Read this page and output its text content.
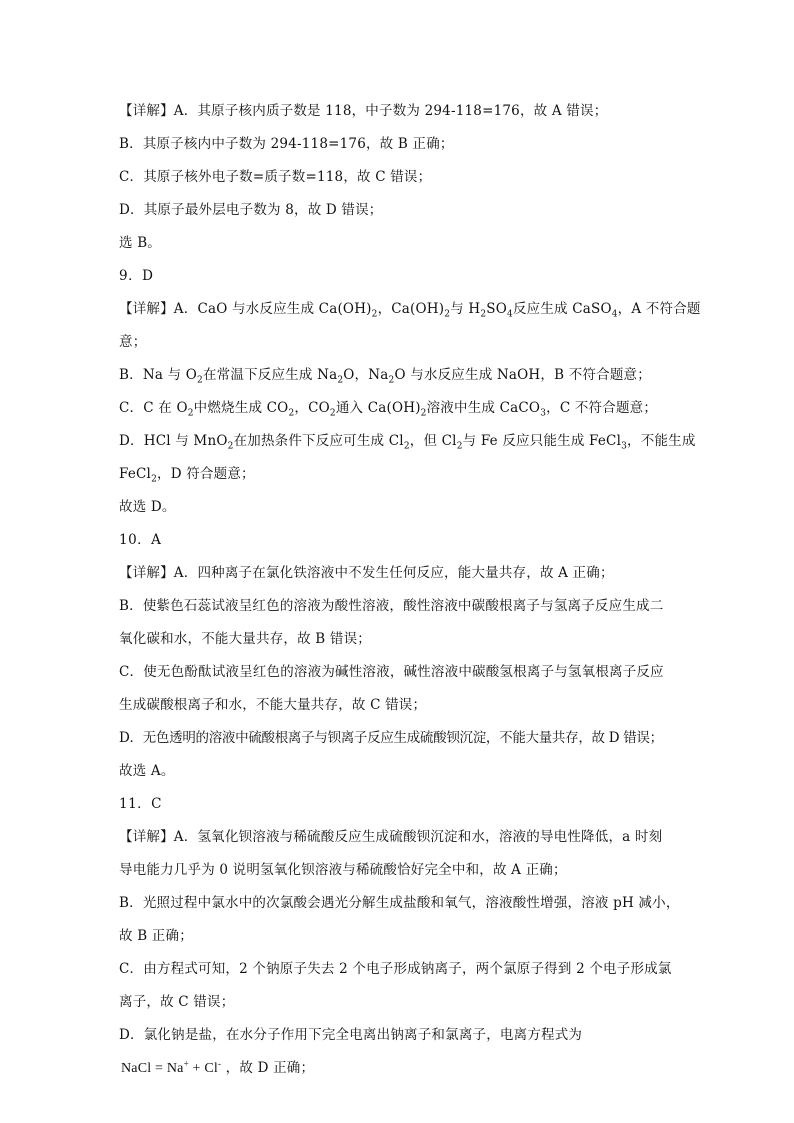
【详解】A．其原子核内质子数是 118，中子数为 294-118=176，故 A 错误；
B．其原子核内中子数为 294-118=176，故 B 正确；
C．其原子核外电子数=质子数=118，故 C 错误；
D．其原子最外层电子数为 8，故 D 错误；
选 B。
9．D
【详解】A．CaO 与水反应生成 $Ca(OH)_2$，$Ca(OH)_2$与 $H_2SO_4$反应生成 CaSO$_4$，A 不符合题
意；
B．Na 与 $O_2$在常温下反应生成 $Na_2O$，$Na_2O$ 与水反应生成 NaOH，B 不符合题意；
C．C 在 $O_2$中燃烧生成 $CO_2$，$CO_2$通入 $Ca(OH)_2$溶液中生成 CaCO$_3$，C 不符合题意；
D．HCl 与 MnO$_2$在加热条件下反应可生成 $Cl_2$，但 $Cl_2$与 Fe 反应只能生成 FeCl$_3$，不能生成
FeCl$_2$，D 符合题意；
故选 D。
10．A
【详解】A．四种离子在氯化铁溶液中不发生任何反应，能大量共存，故 A 正确；
B．使紫色石蕊试液呈红色的溶液为酸性溶液，酸性溶液中碳酸根离子与氢离子反应生成二
氧化碳和水，不能大量共存，故 B 错误；
C．使无色酚酞试液呈红色的溶液为碱性溶液，碱性溶液中碳酸氢根离子与氢氧根离子反应
生成碳酸根离子和水，不能大量共存，故 C 错误；
D．无色透明的溶液中硫酸根离子与钡离子反应生成硫酸钡沉淀，不能大量共存，故 D 错误；
故选 A。
11．C
【详解】A．氢氧化钡溶液与稀硫酸反应生成硫酸钡沉淀和水，溶液的导电性降低，a 时刻
导电能力几乎为 0 说明氢氧化钡溶液与稀硫酸恰好完全中和，故 A 正确；
B．光照过程中氯水中的次氯酸会遇光分解生成盐酸和氧气，溶液酸性增强，溶液 pH 减小，
故 B 正确；
C．由方程式可知，2 个钠原子失去 2 个电子形成钠离子，两个氯原子得到 2 个电子形成氯
离子，故 C 错误；
D．氯化钠是盐，在水分子作用下完全电离出钠离子和氯离子，电离方程式为
NaCl = Na+ + Cl- ，故 D 正确；
